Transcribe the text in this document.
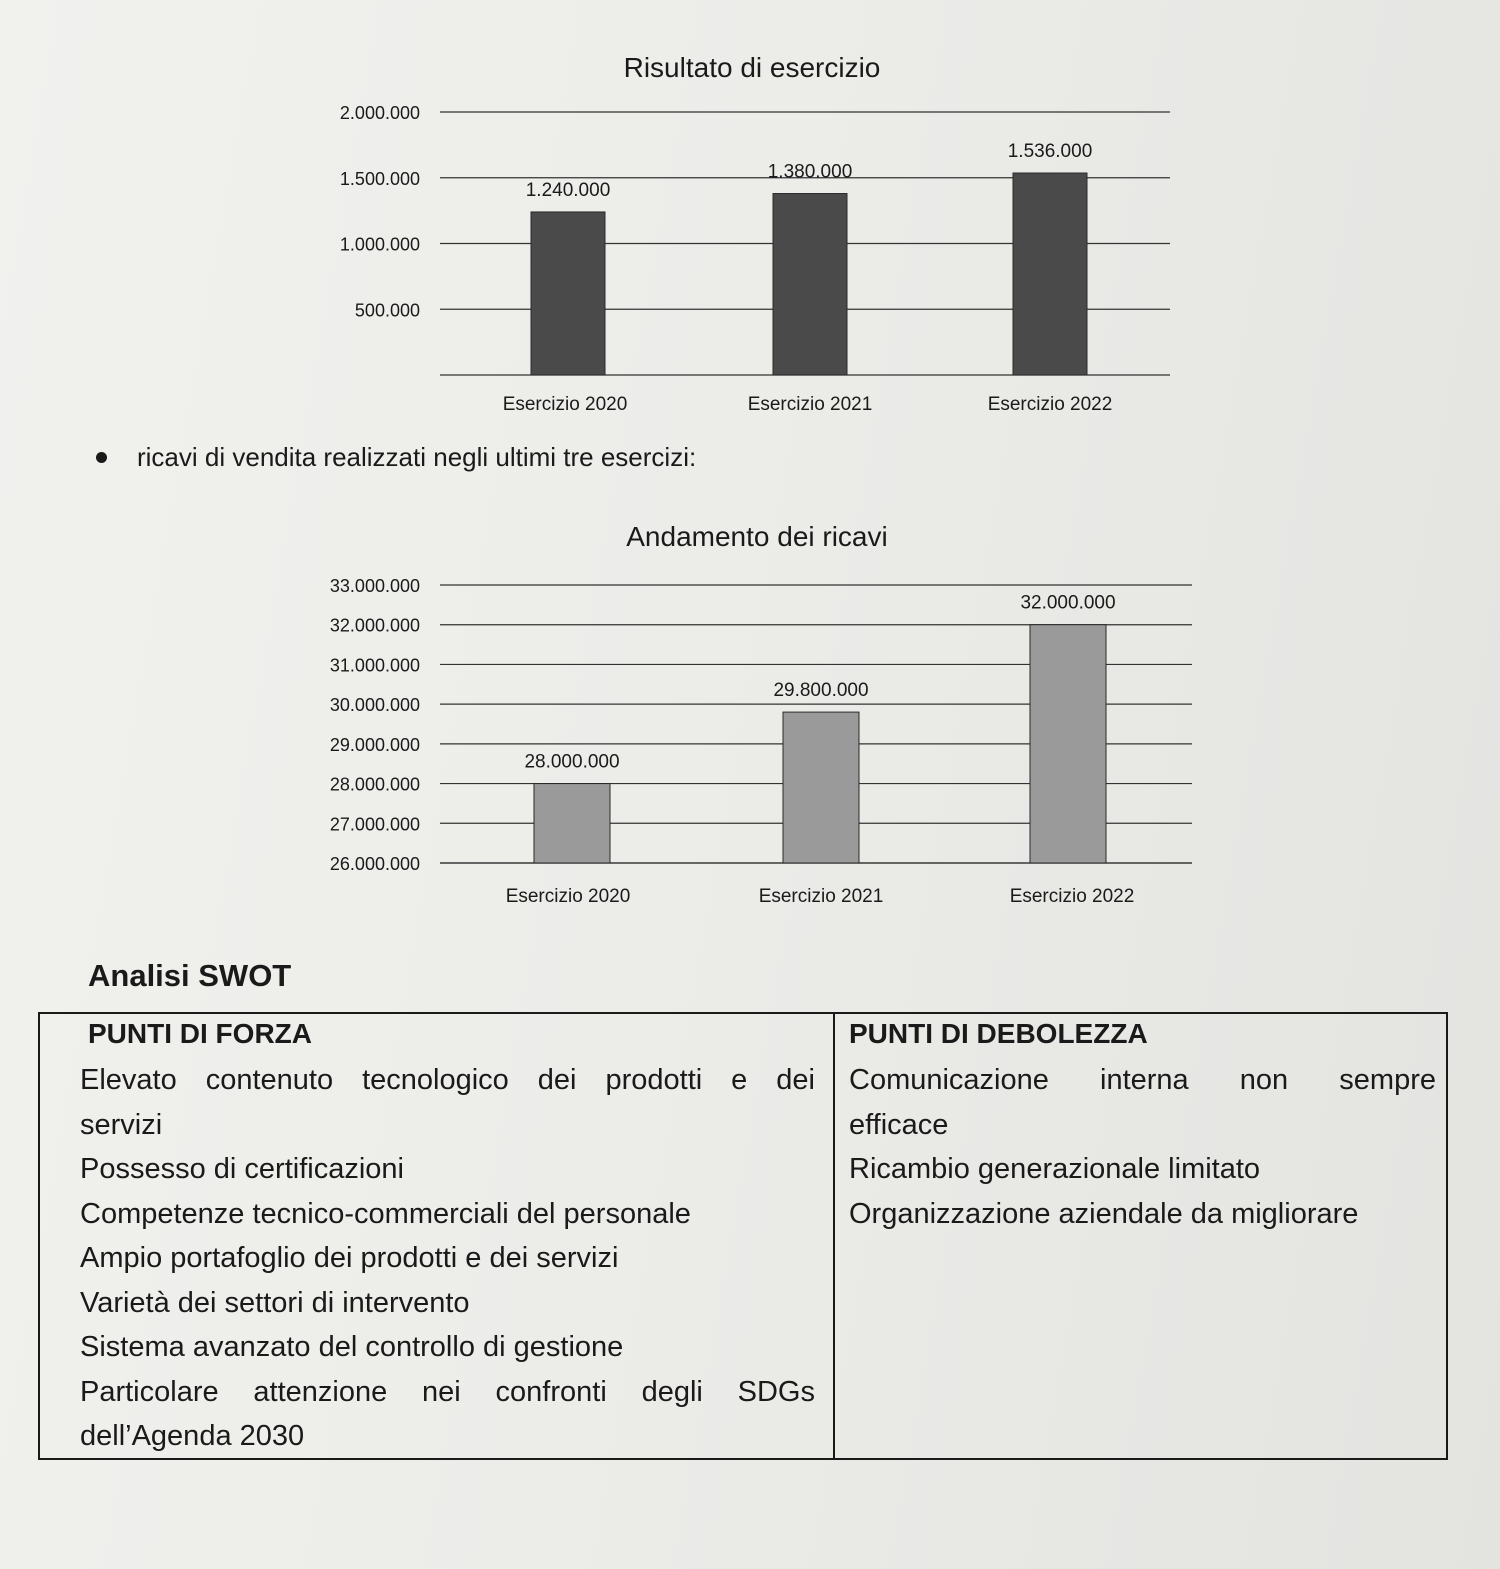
Risultato di esercizio
500.000
1.000.000
1.500.000
2.000.000
1.240.000
Esercizio 2020
1.380.000
Esercizio 2021
1.536.000
Esercizio 2022
ricavi di vendita realizzati negli ultimi tre esercizi:
Andamento dei ricavi
26.000.000
27.000.000
28.000.000
29.000.000
30.000.000
31.000.000
32.000.000
33.000.000
28.000.000
Esercizio 2020
29.800.000
Esercizio 2021
32.000.000
Esercizio 2022
Analisi SWOT
PUNTI DI FORZA
Elevato contenuto tecnologico dei prodotti e dei
servizi
Possesso di certificazioni
Competenze tecnico-commerciali del personale
Ampio portafoglio dei prodotti e dei servizi
Varietà dei settori di intervento
Sistema avanzato del controllo di gestione
Particolare attenzione nei confronti degli SDGs
dell’Agenda 2030
PUNTI DI DEBOLEZZA
Comunicazione interna non sempre
efficace
Ricambio generazionale limitato
Organizzazione aziendale da migliorare
